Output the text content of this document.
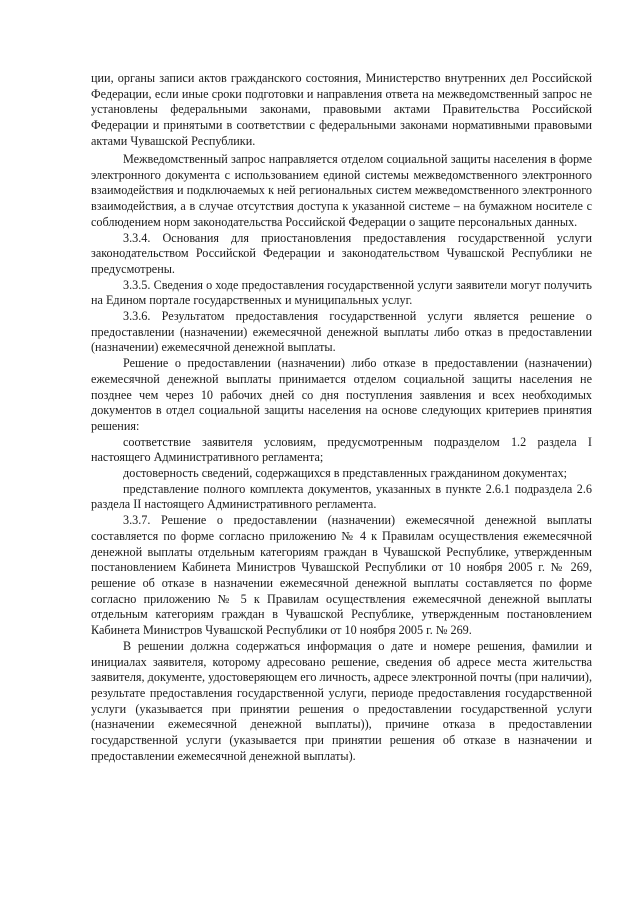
ции, органы записи актов гражданского состояния, Министерство внутренних дел Российской Федерации, если иные сроки подготовки и направления ответа на межведомственный запрос не установлены федеральными законами, правовыми актами Правительства Российской Федерации и принятыми в соответствии с федеральными законами нормативными правовыми актами Чувашской Республики.

Межведомственный запрос направляется отделом социальной защиты населения в форме электронного документа с использованием единой системы межведомственного электронного взаимодействия и подключаемых к ней региональных систем межведомственного электронного взаимодействия, а в случае отсутствия доступа к указанной системе – на бумажном носителе с соблюдением норм законодательства Российской Федерации о защите персональных данных.

3.3.4. Основания для приостановления предоставления государственной услуги законодательством Российской Федерации и законодательством Чувашской Республики не предусмотрены.

3.3.5. Сведения о ходе предоставления государственной услуги заявители могут получить на Едином портале государственных и муниципальных услуг.

3.3.6. Результатом предоставления государственной услуги является решение о предоставлении (назначении) ежемесячной денежной выплаты либо отказ в предоставлении (назначении) ежемесячной денежной выплаты.

Решение о предоставлении (назначении) либо отказе в предоставлении (назначении) ежемесячной денежной выплаты принимается отделом социальной защиты населения не позднее чем через 10 рабочих дней со дня поступления заявления и всех необходимых документов в отдел социальной защиты населения на основе следующих критериев принятия решения:

соответствие заявителя условиям, предусмотренным подразделом 1.2 раздела I настоящего Административного регламента;

достоверность сведений, содержащихся в представленных гражданином документах;

представление полного комплекта документов, указанных в пункте 2.6.1 подраздела 2.6 раздела II настоящего Административного регламента.

3.3.7. Решение о предоставлении (назначении) ежемесячной денежной выплаты составляется по форме согласно приложению № 4 к Правилам осуществления ежемесячной денежной выплаты отдельным категориям граждан в Чувашской Республике, утвержденным постановлением Кабинета Министров Чувашской Республики от 10 ноября 2005 г. № 269, решение об отказе в назначении ежемесячной денежной выплаты составляется по форме согласно приложению № 5 к Правилам осуществления ежемесячной денежной выплаты отдельным категориям граждан в Чувашской Республике, утвержденным постановлением Кабинета Министров Чувашской Республики от 10 ноября 2005 г. № 269.

В решении должна содержаться информация о дате и номере решения, фамилии и инициалах заявителя, которому адресовано решение, сведения об адресе места жительства заявителя, документе, удостоверяющем его личность, адресе электронной почты (при наличии), результате предоставления государственной услуги, периоде предоставления государственной услуги (указывается при принятии решения о предоставлении государственной услуги (назначении ежемесячной денежной выплаты)), причине отказа в предоставлении государственной услуги (указывается при принятии решения об отказе в назначении и предоставлении ежемесячной денежной выплаты).
